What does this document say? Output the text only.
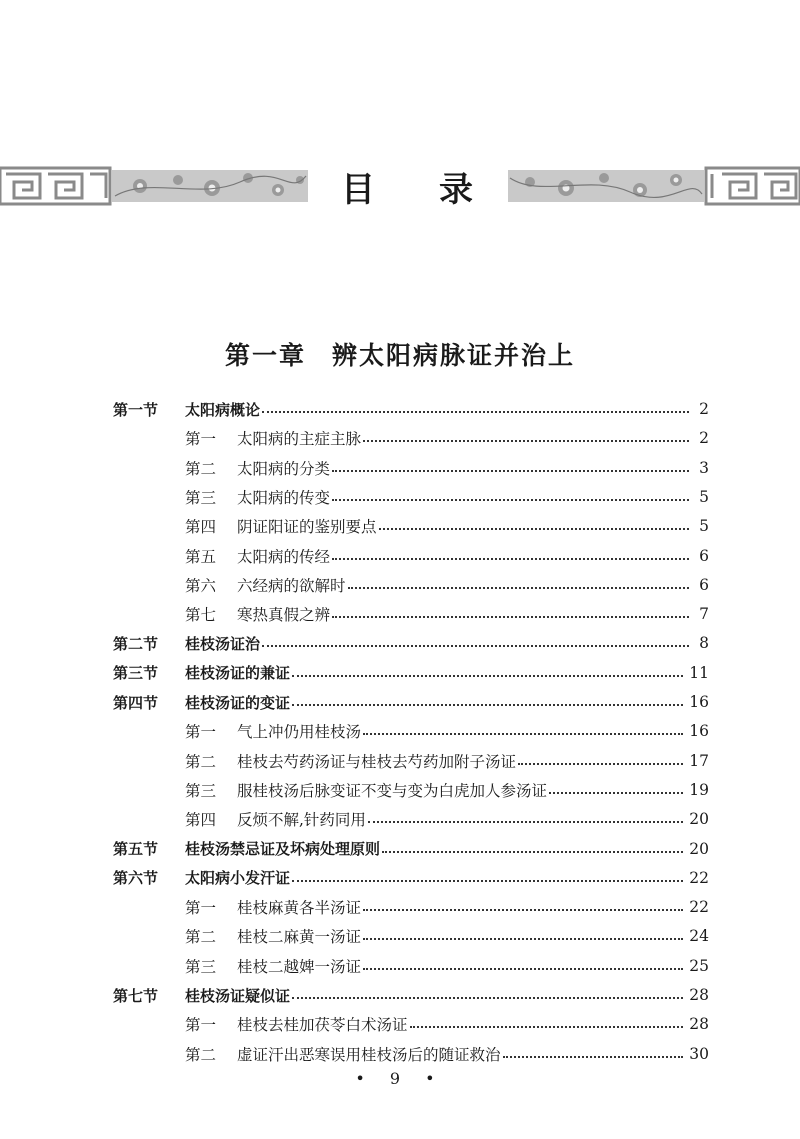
目 录
第一章 辨太阳病脉证并治上
第一节	太阳病概论	2
第一	太阳病的主症主脉	2
第二	太阳病的分类	3
第三	太阳病的传变	5
第四	阴证阳证的鉴别要点	5
第五	太阳病的传经	6
第六	六经病的欲解时	6
第七	寒热真假之辨	7
第二节	桂枝汤证治	8
第三节	桂枝汤证的兼证	11
第四节	桂枝汤证的变证	16
第一	气上冲仍用桂枝汤	16
第二	桂枝去芍药汤证与桂枝去芍药加附子汤证	17
第三	服桂枝汤后脉变证不变与变为白虎加人参汤证	19
第四	反烦不解,针药同用	20
第五节	桂枝汤禁忌证及坏病处理原则	20
第六节	太阳病小发汗证	22
第一	桂枝麻黄各半汤证	22
第二	桂枝二麻黄一汤证	24
第三	桂枝二越婢一汤证	25
第七节	桂枝汤证疑似证	28
第一	桂枝去桂加茯苓白术汤证	28
第二	虚证汗出恶寒误用桂枝汤后的随证救治	30
• 9 •
